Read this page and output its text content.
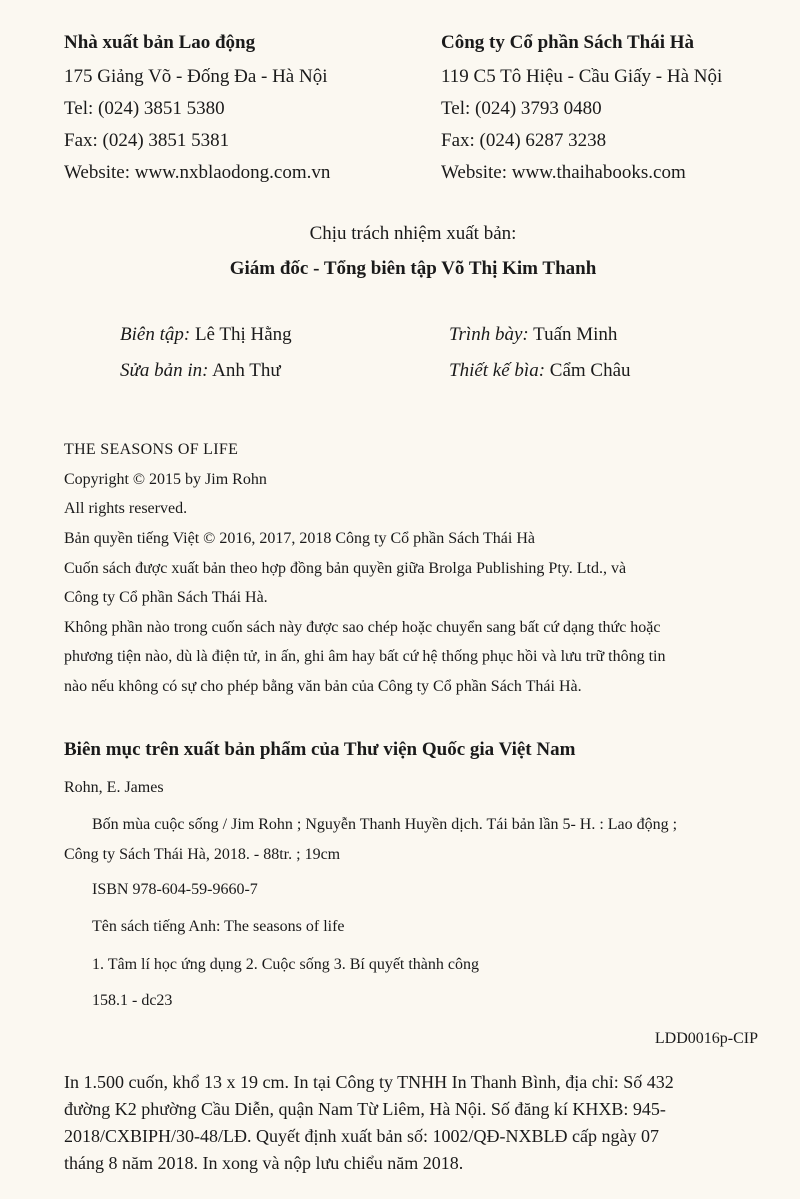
Nhà xuất bản Lao động
175 Giảng Võ - Đống Đa - Hà Nội
Tel: (024) 3851 5380
Fax: (024) 3851 5381
Website: www.nxblaodong.com.vn
Công ty Cổ phần Sách Thái Hà
119 C5 Tô Hiệu - Cầu Giấy - Hà Nội
Tel: (024) 3793 0480
Fax: (024) 6287 3238
Website: www.thaihabooks.com
Chịu trách nhiệm xuất bản:
Giám đốc - Tổng biên tập Võ Thị Kim Thanh
Biên tập: Lê Thị Hằng
Sửa bản in: Anh Thư
Trình bày: Tuấn Minh
Thiết kế bìa: Cẩm Châu
THE SEASONS OF LIFE
Copyright © 2015 by Jim Rohn
All rights reserved.
Bản quyền tiếng Việt © 2016, 2017, 2018 Công ty Cổ phần Sách Thái Hà
Cuốn sách được xuất bản theo hợp đồng bản quyền giữa Brolga Publishing Pty. Ltd., và
Công ty Cổ phần Sách Thái Hà.
Không phần nào trong cuốn sách này được sao chép hoặc chuyển sang bất cứ dạng thức hoặc
phương tiện nào, dù là điện tử, in ấn, ghi âm hay bất cứ hệ thống phục hồi và lưu trữ thông tin
nào nếu không có sự cho phép bằng văn bản của Công ty Cổ phần Sách Thái Hà.
Biên mục trên xuất bản phẩm của Thư viện Quốc gia Việt Nam
Rohn, E. James
Bốn mùa cuộc sống / Jim Rohn ; Nguyễn Thanh Huyền dịch. Tái bản lần 5- H. : Lao động ;
Công ty Sách Thái Hà, 2018. - 88tr. ; 19cm
ISBN 978-604-59-9660-7
Tên sách tiếng Anh: The seasons of life
1. Tâm lí học ứng dụng 2. Cuộc sống 3. Bí quyết thành công
158.1 - dc23
LDD0016p-CIP
In 1.500 cuốn, khổ 13 x 19 cm. In tại Công ty TNHH In Thanh Bình, địa chỉ: Số 432
đường K2 phường Cầu Diễn, quận Nam Từ Liêm, Hà Nội. Số đăng kí KHXB: 945-
2018/CXBIPH/30-48/LĐ. Quyết định xuất bản số: 1002/QĐ-NXBLĐ cấp ngày 07
tháng 8 năm 2018. In xong và nộp lưu chiểu năm 2018.
